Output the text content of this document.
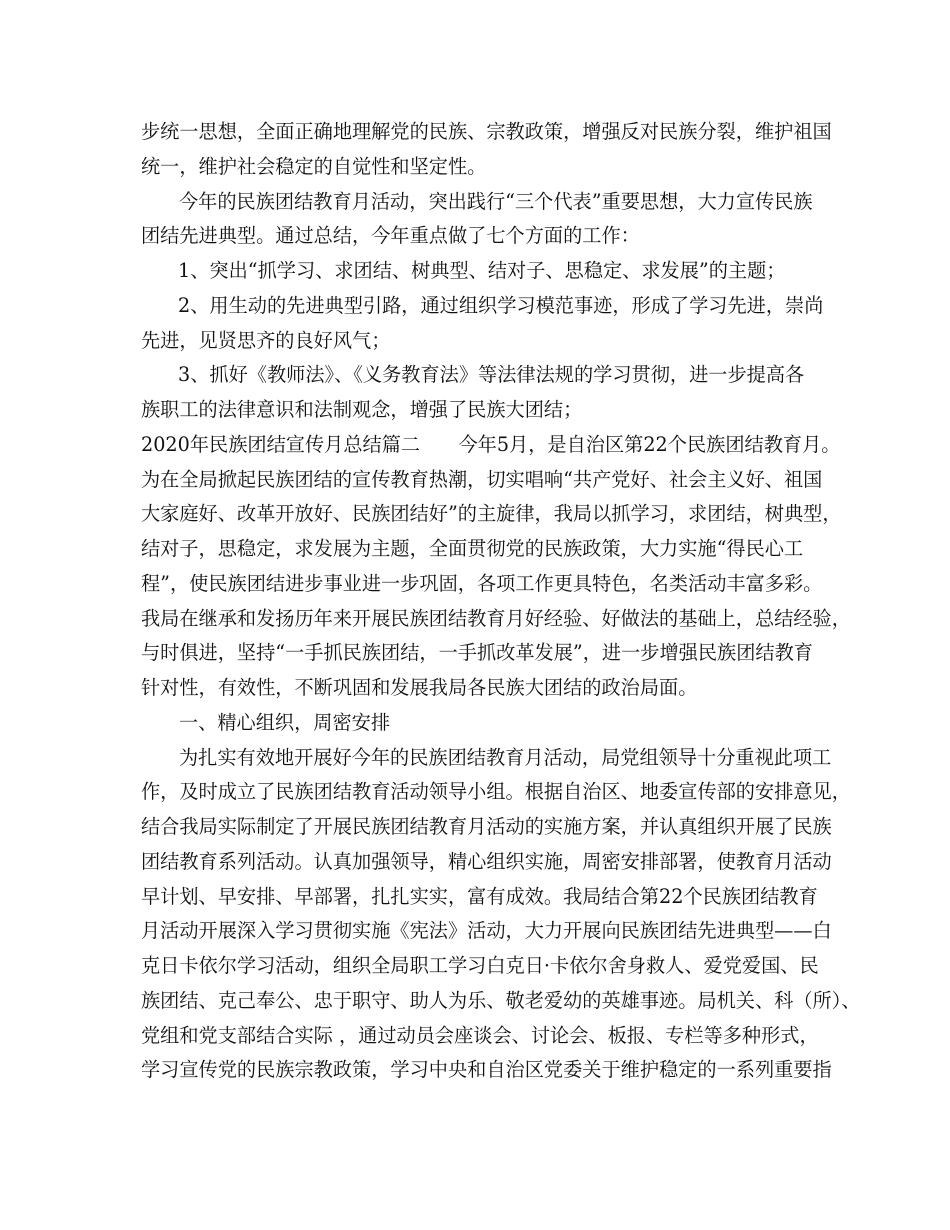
步统一思想，全面正确地理解党的民族、宗教政策，增强反对民族分裂，维护祖国
统一，维护社会稳定的自觉性和坚定性。
今年的民族团结教育月活动，突出践行“三个代表”重要思想，大力宣传民族
团结先进典型。通过总结，今年重点做了七个方面的工作：
1、突出“抓学习、求团结、树典型、结对子、思稳定、求发展”的主题；
2、用生动的先进典型引路，通过组织学习模范事迹，形成了学习先进，崇尚
先进，见贤思齐的良好风气；
3、抓好《教师法》、《义务教育法》等法律法规的学习贯彻，进一步提高各
族职工的法律意识和法制观念，增强了民族大团结；
2020年民族团结宣传月总结篇二　　今年5月，是自治区第22个民族团结教育月。
为在全局掀起民族团结的宣传教育热潮，切实唱响“共产党好、社会主义好、祖国
大家庭好、改革开放好、民族团结好”的主旋律，我局以抓学习，求团结，树典型，
结对子，思稳定，求发展为主题，全面贯彻党的民族政策，大力实施“得民心工
程”，使民族团结进步事业进一步巩固，各项工作更具特色，名类活动丰富多彩。
我局在继承和发扬历年来开展民族团结教育月好经验、好做法的基础上，总结经验，
与时俱进，坚持“一手抓民族团结，一手抓改革发展”，进一步增强民族团结教育
针对性，有效性，不断巩固和发展我局各民族大团结的政治局面。
一、精心组织，周密安排
为扎实有效地开展好今年的民族团结教育月活动，局党组领导十分重视此项工
作，及时成立了民族团结教育活动领导小组。根据自治区、地委宣传部的安排意见，
结合我局实际制定了开展民族团结教育月活动的实施方案，并认真组织开展了民族
团结教育系列活动。认真加强领导，精心组织实施，周密安排部署，使教育月活动
早计划、早安排、早部署，扎扎实实，富有成效。我局结合第22个民族团结教育
月活动开展深入学习贯彻实施《宪法》活动，大力开展向民族团结先进典型——白
克日卡依尔学习活动，组织全局职工学习白克日·卡依尔舍身救人、爱党爱国、民
族团结、克己奉公、忠于职守、助人为乐、敬老爱幼的英雄事迹。局机关、科（所）、
党组和党支部结合实际 ，通过动员会座谈会、讨论会、板报、专栏等多种形式，
学习宣传党的民族宗教政策，学习中央和自治区党委关于维护稳定的一系列重要指
